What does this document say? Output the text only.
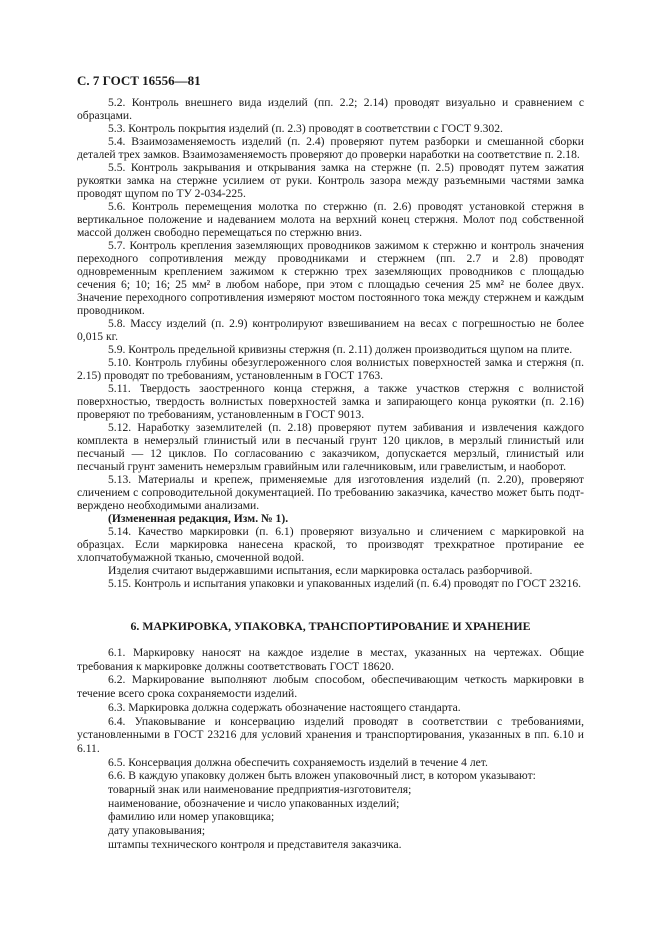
С. 7 ГОСТ 16556—81

5.2. Контроль внешнего вида изделий (пп. 2.2; 2.14) проводят визуально и сравнением с образцами.

5.3. Контроль покрытия изделий (п. 2.3) проводят в соответствии с ГОСТ 9.302.

5.4. Взаимозаменяемость изделий (п. 2.4) проверяют путем разборки и смешанной сборки деталей трех замков. Взаимозаменяемость проверяют до проверки наработки на соответствие п. 2.18.

5.5. Контроль закрывания и открывания замка на стержне (п. 2.5) проводят путем зажатия рукоятки замка на стержне усилием от руки. Контроль зазора между разъемными частями замка проводят щупом по ТУ 2-034-225.

5.6. Контроль перемещения молотка по стержню (п. 2.6) проводят установкой стержня в вертикальное положение и надеванием молота на верхний конец стержня. Молот под собственной массой должен свободно перемещаться по стержню вниз.

5.7. Контроль крепления заземляющих проводников зажимом к стержню и контроль значения переходного сопротивления между проводниками и стержнем (пп. 2.7 и 2.8) проводят одновременным креплением зажимом к стержню трех заземляющих проводников с площадью сечения 6; 10; 16; 25 мм² в любом наборе, при этом с площадью сечения 25 мм² не более двух. Значение переходного сопротивления измеряют мостом постоянного тока между стержнем и каждым проводником.

5.8. Массу изделий (п. 2.9) контролируют взвешиванием на весах с погрешностью не более 0,015 кг.

5.9. Контроль предельной кривизны стержня (п. 2.11) должен производиться щупом на плите.

5.10. Контроль глубины обезуглероженного слоя волнистых поверхностей замка и стержня (п. 2.15) проводят по требованиям, установленным в ГОСТ 1763.

5.11. Твердость заостренного конца стержня, а также участков стержня с волнистой поверхностью, твердость волнистых поверхностей замка и запирающего конца рукоятки (п. 2.16) проверяют по требованиям, установленным в ГОСТ 9013.

5.12. Наработку заземлителей (п. 2.18) проверяют путем забивания и извлечения каждого комплекта в немерзлый глинистый или в песчаный грунт 120 циклов, в мерзлый глинистый или песчаный — 12 циклов. По согласованию с заказчиком, допускается мерзлый, глинистый или песчаный грунт заменить немерзлым гравийным или галечниковым, или гравелистым, и наоборот.

5.13. Материалы и крепеж, применяемые для изготовления изделий (п. 2.20), проверяют сличением с сопроводительной документацией. По требованию заказчика, качество может быть подт- верждено необходимыми анализами.

(Измененная редакция, Изм. № 1).

5.14. Качество маркировки (п. 6.1) проверяют визуально и сличением с маркировкой на образцах. Если маркировка нанесена краской, то производят трехкратное протирание ее хлопчатобумажной тканью, смоченной водой.

Изделия считают выдержавшими испытания, если маркировка осталась разборчивой.

5.15. Контроль и испытания упаковки и упакованных изделий (п. 6.4) проводят по ГОСТ 23216.

6. МАРКИРОВКА, УПАКОВКА, ТРАНСПОРТИРОВАНИЕ И ХРАНЕНИЕ

6.1. Маркировку наносят на каждое изделие в местах, указанных на чертежах. Общие требования к маркировке должны соответствовать ГОСТ 18620.

6.2. Маркирование выполняют любым способом, обеспечивающим четкость маркировки в течение всего срока сохраняемости изделий.

6.3. Маркировка должна содержать обозначение настоящего стандарта.

6.4. Упаковывание и консервацию изделий проводят в соответствии с требованиями, установленными в ГОСТ 23216 для условий хранения и транспортирования, указанных в пп. 6.10 и 6.11.

6.5. Консервация должна обеспечить сохраняемость изделий в течение 4 лет.

6.6. В каждую упаковку должен быть вложен упаковочный лист, в котором указывают:

товарный знак или наименование предприятия-изготовителя;

наименование, обозначение и число упакованных изделий;

фамилию или номер упаковщика;

дату упаковывания;

штампы технического контроля и представителя заказчика.
